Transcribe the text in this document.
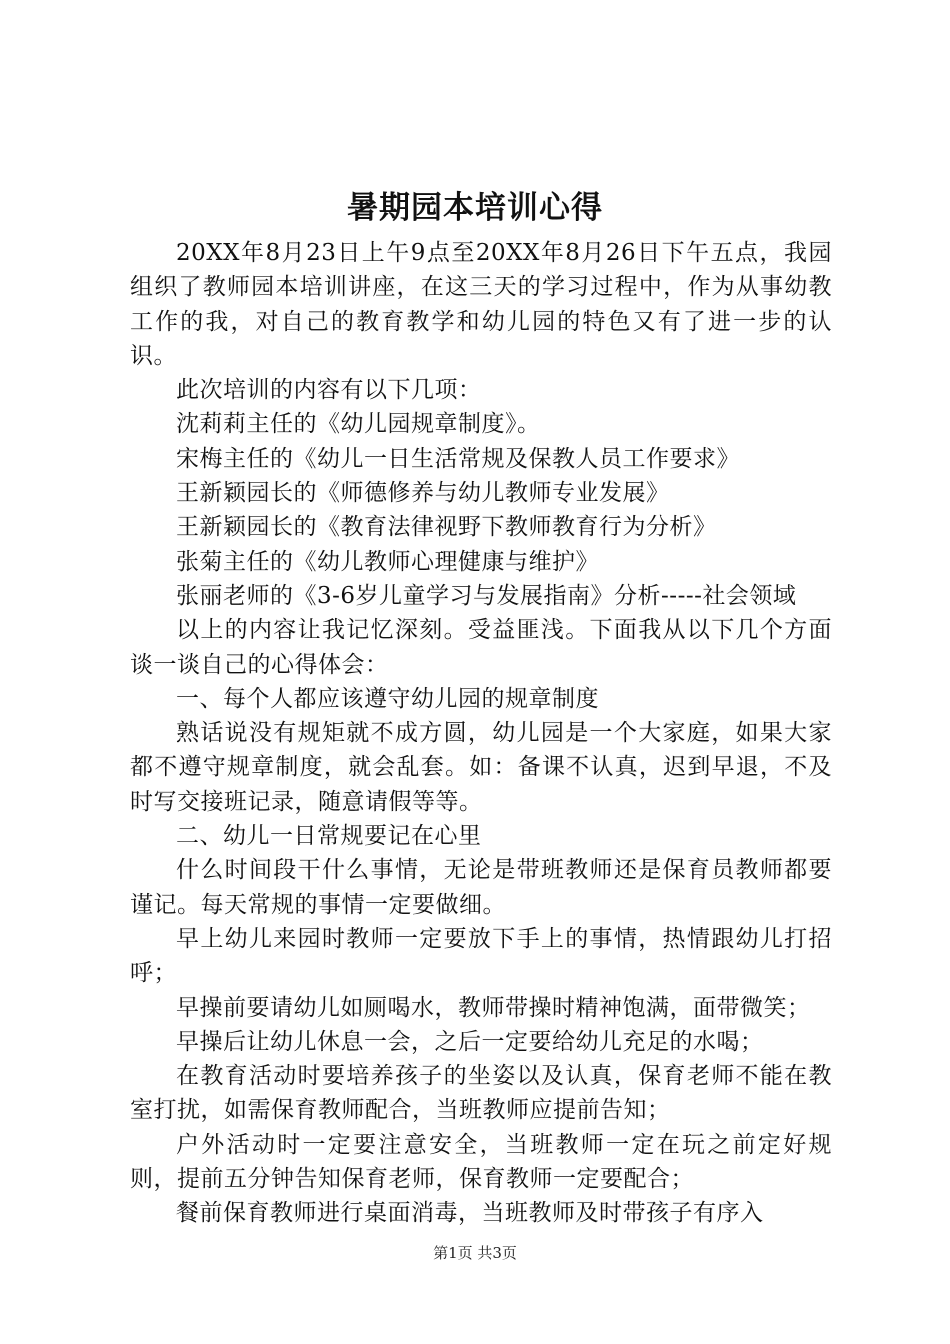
暑期园本培训心得

20XX年8月23日上午9点至20XX年8月26日下午五点，我园组织了教师园本培训讲座，在这三天的学习过程中，作为从事幼教工作的我，对自己的教育教学和幼儿园的特色又有了进一步的认识。

此次培训的内容有以下几项：

沈莉莉主任的《幼儿园规章制度》。

宋梅主任的《幼儿一日生活常规及保教人员工作要求》

王新颖园长的《师德修养与幼儿教师专业发展》

王新颖园长的《教育法律视野下教师教育行为分析》

张菊主任的《幼儿教师心理健康与维护》

张丽老师的《3-6岁儿童学习与发展指南》分析-----社会领域

以上的内容让我记忆深刻。受益匪浅。下面我从以下几个方面谈一谈自己的心得体会：

一、每个人都应该遵守幼儿园的规章制度

熟话说没有规矩就不成方圆，幼儿园是一个大家庭，如果大家都不遵守规章制度，就会乱套。如：备课不认真，迟到早退，不及时写交接班记录，随意请假等等。

二、幼儿一日常规要记在心里

什么时间段干什么事情，无论是带班教师还是保育员教师都要谨记。每天常规的事情一定要做细。

早上幼儿来园时教师一定要放下手上的事情，热情跟幼儿打招呼；

早操前要请幼儿如厕喝水，教师带操时精神饱满，面带微笑；

早操后让幼儿休息一会，之后一定要给幼儿充足的水喝；

在教育活动时要培养孩子的坐姿以及认真，保育老师不能在教室打扰，如需保育教师配合，当班教师应提前告知；

户外活动时一定要注意安全，当班教师一定在玩之前定好规则，提前五分钟告知保育老师，保育教师一定要配合；

餐前保育教师进行桌面消毒，当班教师及时带孩子有序入

第1页 共3页
